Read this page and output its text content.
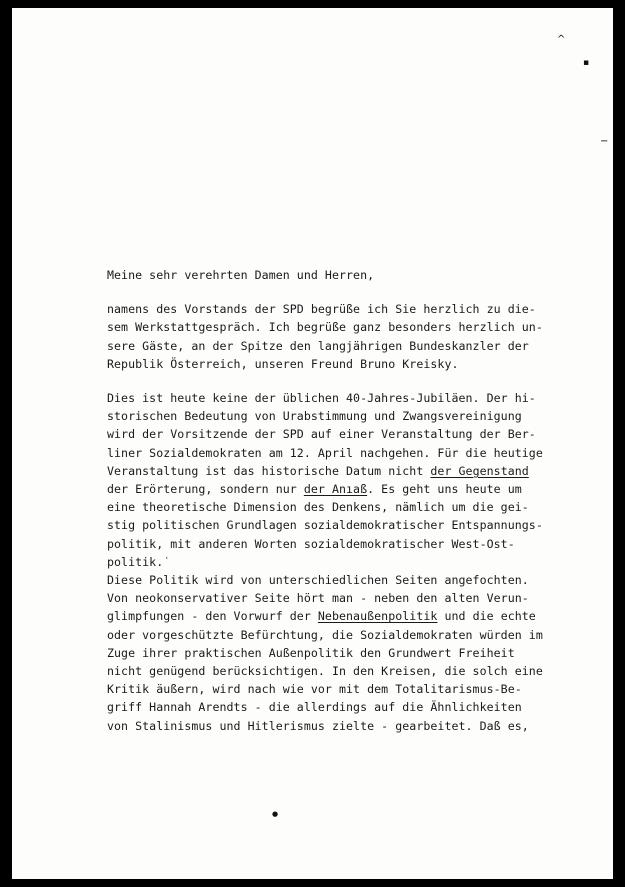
^
▪
−
●
Meine sehr verehrten Damen und Herren,
namens des Vorstands der SPD begrüße ich Sie herzlich zu die-
sem Werkstattgespräch. Ich begrüße ganz besonders herzlich un-
sere Gäste, an der Spitze den langjährigen Bundeskanzler der
Republik Österreich, unseren Freund Bruno Kreisky.
Dies ist heute keine der üblichen 40-Jahres-Jubiläen. Der hi-
storischen Bedeutung von Urabstimmung und Zwangsvereinigung
wird der Vorsitzende der SPD auf einer Veranstaltung der Ber-
liner Sozialdemokraten am 12. April nachgehen. Für die heutige
Veranstaltung ist das historische Datum nicht der Gegenstand
der Erörterung, sondern nur der Anıaß. Es geht uns heute um
eine theoretische Dimension des Denkens, nämlich um die gei-
stig politischen Grundlagen sozialdemokratischer Entspannungs-
politik, mit anderen Worten sozialdemokratischer West-Ost-
politik.˙
Diese Politik wird von unterschiedlichen Seiten angefochten.
Von neokonservativer Seite hört man - neben den alten Verun-
glimpfungen - den Vorwurf der Nebenaußenpolitik und die echte
oder vorgeschützte Befürchtung, die Sozialdemokraten würden im
Zuge ihrer praktischen Außenpolitik den Grundwert Freiheit
nicht genügend berücksichtigen. In den Kreisen, die solch eine
Kritik äußern, wird nach wie vor mit dem Totalitarismus-Be-
griff Hannah Arendts - die allerdings auf die Ähnlichkeiten
von Stalinismus und Hitlerismus zielte - gearbeitet. Daß es,
